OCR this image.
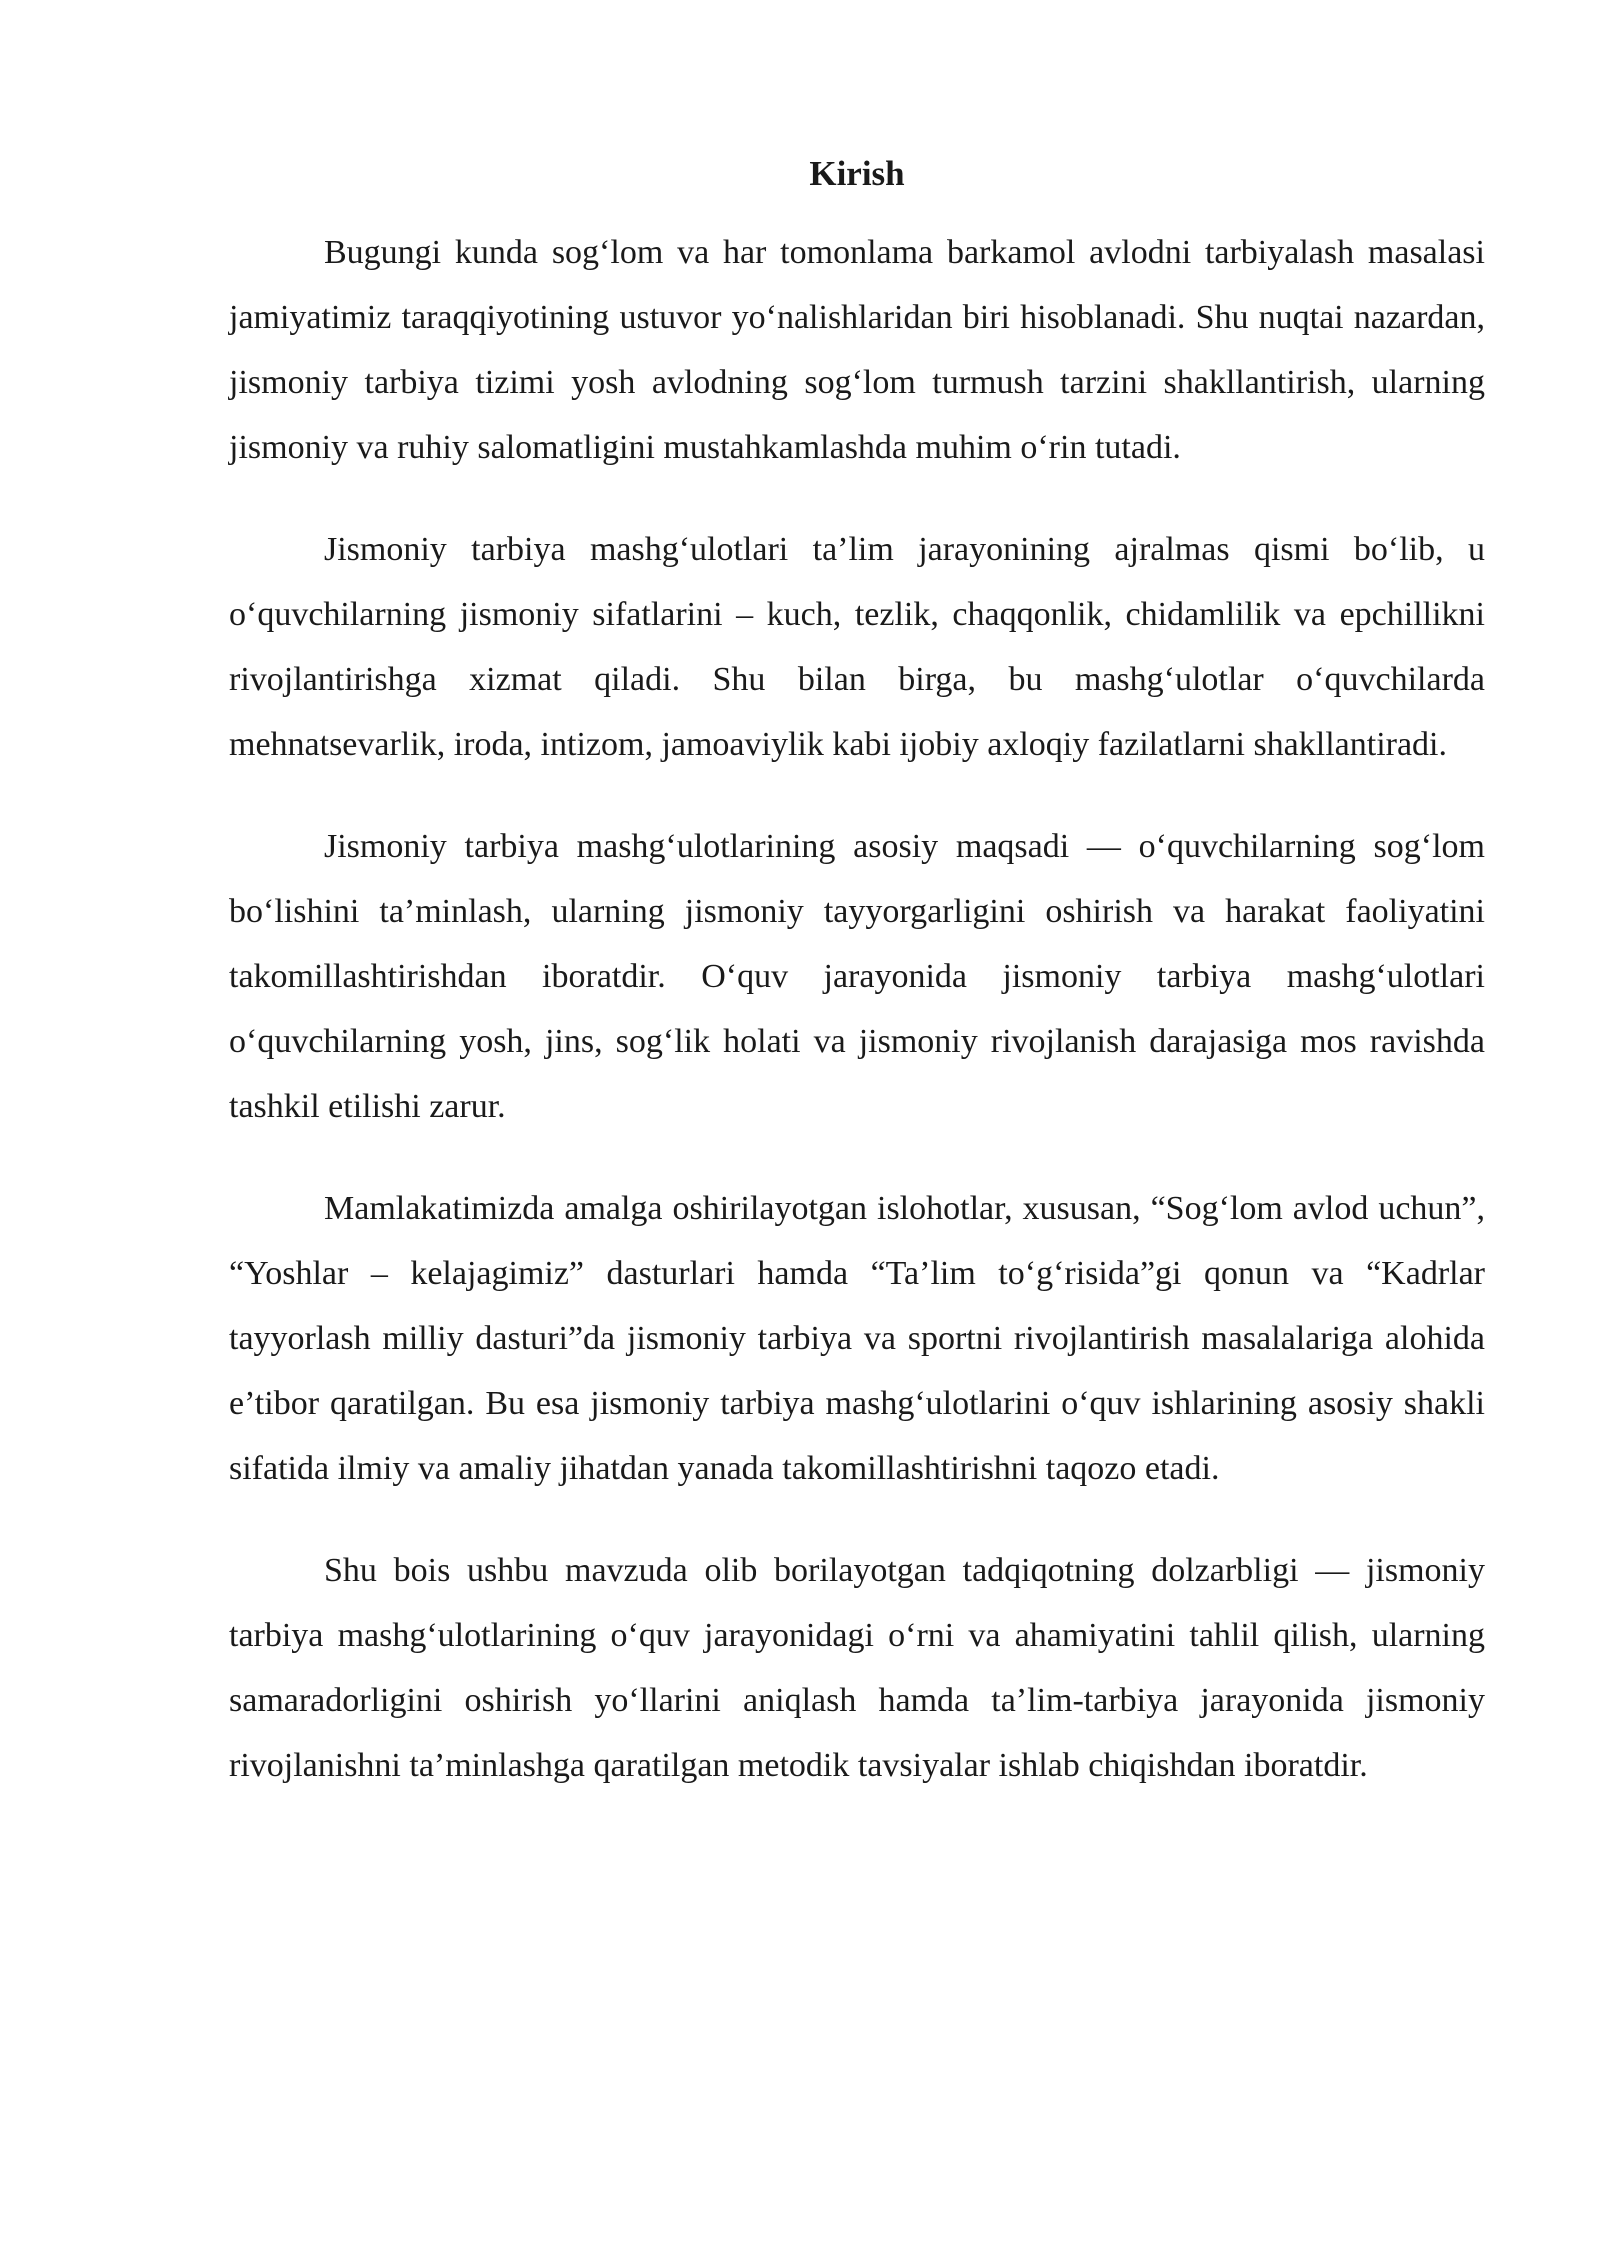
Kirish

Bugungi kunda sog‘lom va har tomonlama barkamol avlodni tarbiyalash masalasi jamiyatimiz taraqqiyotining ustuvor yo‘nalishlaridan biri hisoblanadi. Shu nuqtai nazardan, jismoniy tarbiya tizimi yosh avlodning sog‘lom turmush tarzini shakllantirish, ularning jismoniy va ruhiy salomatligini mustahkamlashda muhim o‘rin tutadi.

Jismoniy tarbiya mashg‘ulotlari ta’lim jarayonining ajralmas qismi bo‘lib, u o‘quvchilarning jismoniy sifatlarini – kuch, tezlik, chaqqonlik, chidamlilik va epchillikni rivojlantirishga xizmat qiladi. Shu bilan birga, bu mashg‘ulotlar o‘quvchilarda mehnatsevarlik, iroda, intizom, jamoaviylik kabi ijobiy axloqiy fazilatlarni shakllantiradi.

Jismoniy tarbiya mashg‘ulotlarining asosiy maqsadi — o‘quvchilarning sog‘lom bo‘lishini ta’minlash, ularning jismoniy tayyorgarligini oshirish va harakat faoliyatini takomillashtirishdan iboratdir. O‘quv jarayonida jismoniy tarbiya mashg‘ulotlari o‘quvchilarning yosh, jins, sog‘lik holati va jismoniy rivojlanish darajasiga mos ravishda tashkil etilishi zarur.

Mamlakatimizda amalga oshirilayotgan islohotlar, xususan, “Sog‘lom avlod uchun”, “Yoshlar – kelajagimiz” dasturlari hamda “Ta’lim to‘g‘risida”gi qonun va “Kadrlar tayyorlash milliy dasturi”da jismoniy tarbiya va sportni rivojlantirish masalalariga alohida e’tibor qaratilgan. Bu esa jismoniy tarbiya mashg‘ulotlarini o‘quv ishlarining asosiy shakli sifatida ilmiy va amaliy jihatdan yanada takomillashtirishni taqozo etadi.

Shu bois ushbu mavzuda olib borilayotgan tadqiqotning dolzarbligi — jismoniy tarbiya mashg‘ulotlarining o‘quv jarayonidagi o‘rni va ahamiyatini tahlil qilish, ularning samaradorligini oshirish yo‘llarini aniqlash hamda ta’lim-tarbiya jarayonida jismoniy rivojlanishni ta’minlashga qaratilgan metodik tavsiyalar ishlab chiqishdan iboratdir.
